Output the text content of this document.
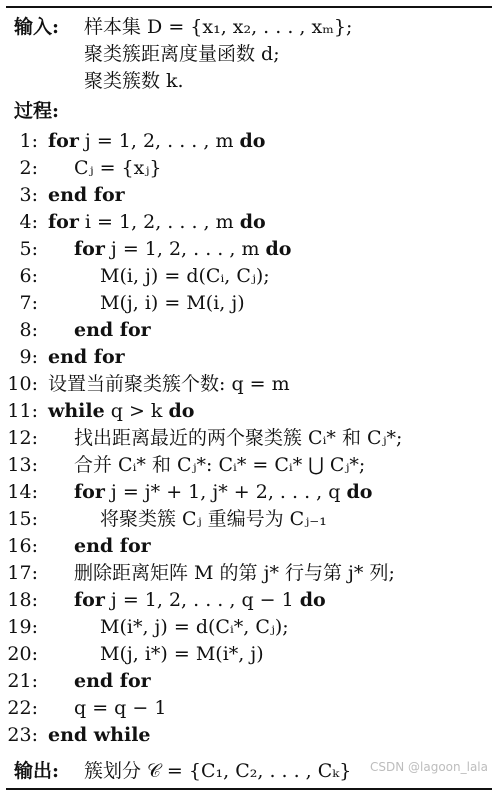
输入: 样本集 D = {x₁, x₂, . . . , xₘ};
聚类簇距离度量函数 d;
聚类簇数 k.
过程:
1: for j = 1, 2, . . . , m do
2:	Cⱼ = {xⱼ}
3: end for
4: for i = 1, 2, . . . , m do
5:	for j = 1, 2, . . . , m do
6:	M(i, j) = d(Cᵢ, Cⱼ);
7:	M(j, i) = M(i, j)
8:	end for
9: end for
10: 设置当前聚类簇个数: q = m
11: while q > k do
12:	找出距离最近的两个聚类簇 Cᵢ* 和 Cⱼ*;
13:	合并 Cᵢ* 和 Cⱼ*: Cᵢ* = Cᵢ* ⋃ Cⱼ*;
14:	for j = j* + 1, j* + 2, . . . , q do
15:	将聚类簇 Cⱼ 重编号为 Cⱼ₋₁
16:	end for
17:	删除距离矩阵 M 的第 j* 行与第 j* 列;
18:	for j = 1, 2, . . . , q − 1 do
19:	M(i*, j) = d(Cᵢ*, Cⱼ);
20:	M(j, i*) = M(i*, j)
21:	end for
22:	q = q − 1
23: end while
输出: 簇划分 𝒞 = {C₁, C₂, . . . , Cₖ} CSDN @lagoon_lala
